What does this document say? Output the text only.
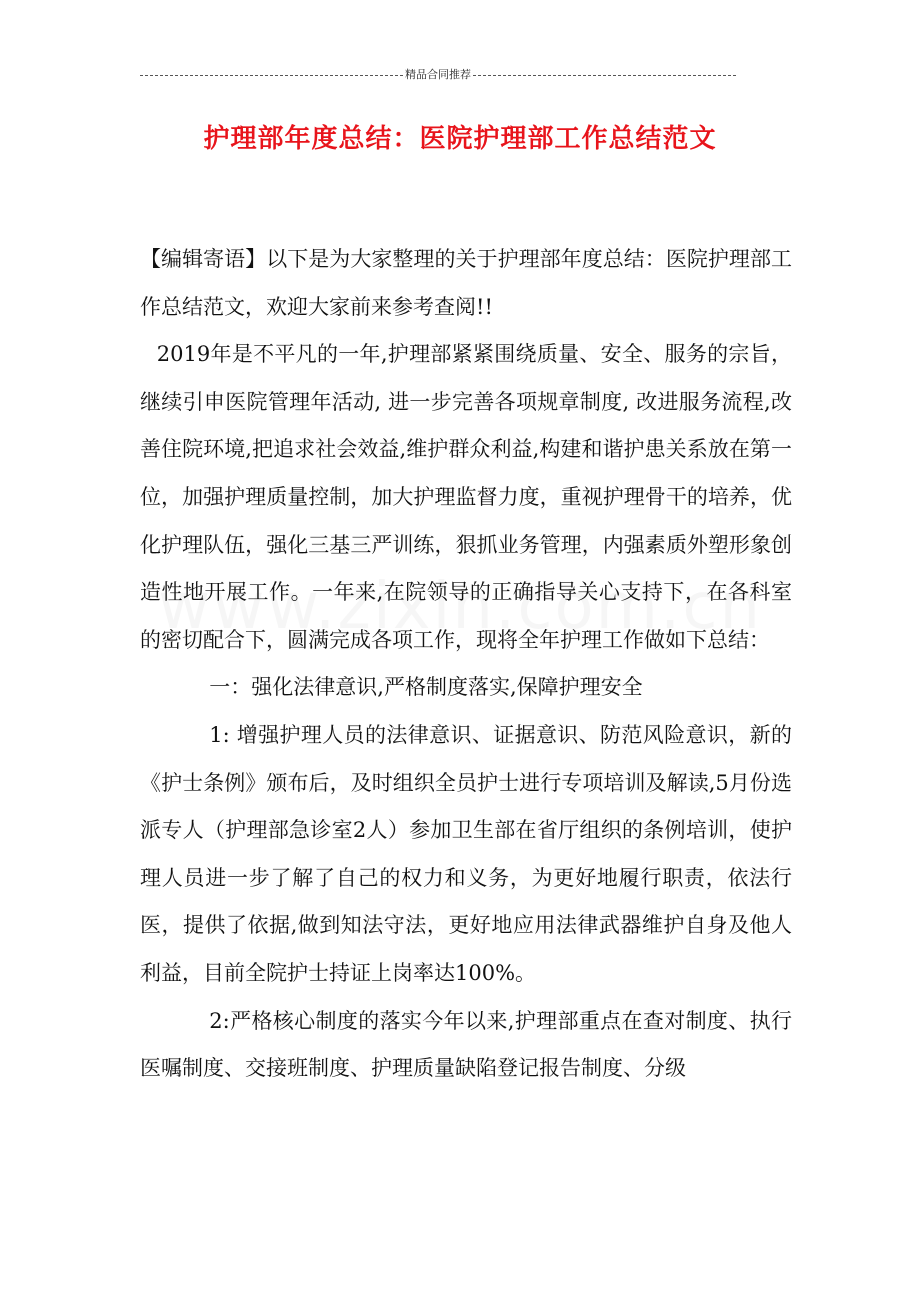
精品合同推荐
护理部年度总结：医院护理部工作总结范文

【编辑寄语】以下是为大家整理的关于护理部年度总结：医院护理部工作总结范文，欢迎大家前来参考查阅!!

2019年是不平凡的一年,护理部紧紧围绕质量、安全、服务的宗旨，继续引申医院管理年活动, 进一步完善各项规章制度, 改进服务流程,改善住院环境,把追求社会效益,维护群众利益,构建和谐护患关系放在第一位，加强护理质量控制，加大护理监督力度，重视护理骨干的培养，优化护理队伍，强化三基三严训练，狠抓业务管理，内强素质外塑形象创造性地开展工作。一年来,在院领导的正确指导关心支持下，在各科室的密切配合下，圆满完成各项工作，现将全年护理工作做如下总结：

一：强化法律意识,严格制度落实,保障护理安全

1: 增强护理人员的法律意识、证据意识、防范风险意识，新的《护士条例》颁布后，及时组织全员护士进行专项培训及解读,5月份选派专人（护理部急诊室2人）参加卫生部在省厅组织的条例培训，使护理人员进一步了解了自己的权力和义务，为更好地履行职责，依法行医，提供了依据,做到知法守法，更好地应用法律武器维护自身及他人利益，目前全院护士持证上岗率达100%。

2:严格核心制度的落实今年以来,护理部重点在查对制度、执行医嘱制度、交接班制度、护理质量缺陷登记报告制度、分级
